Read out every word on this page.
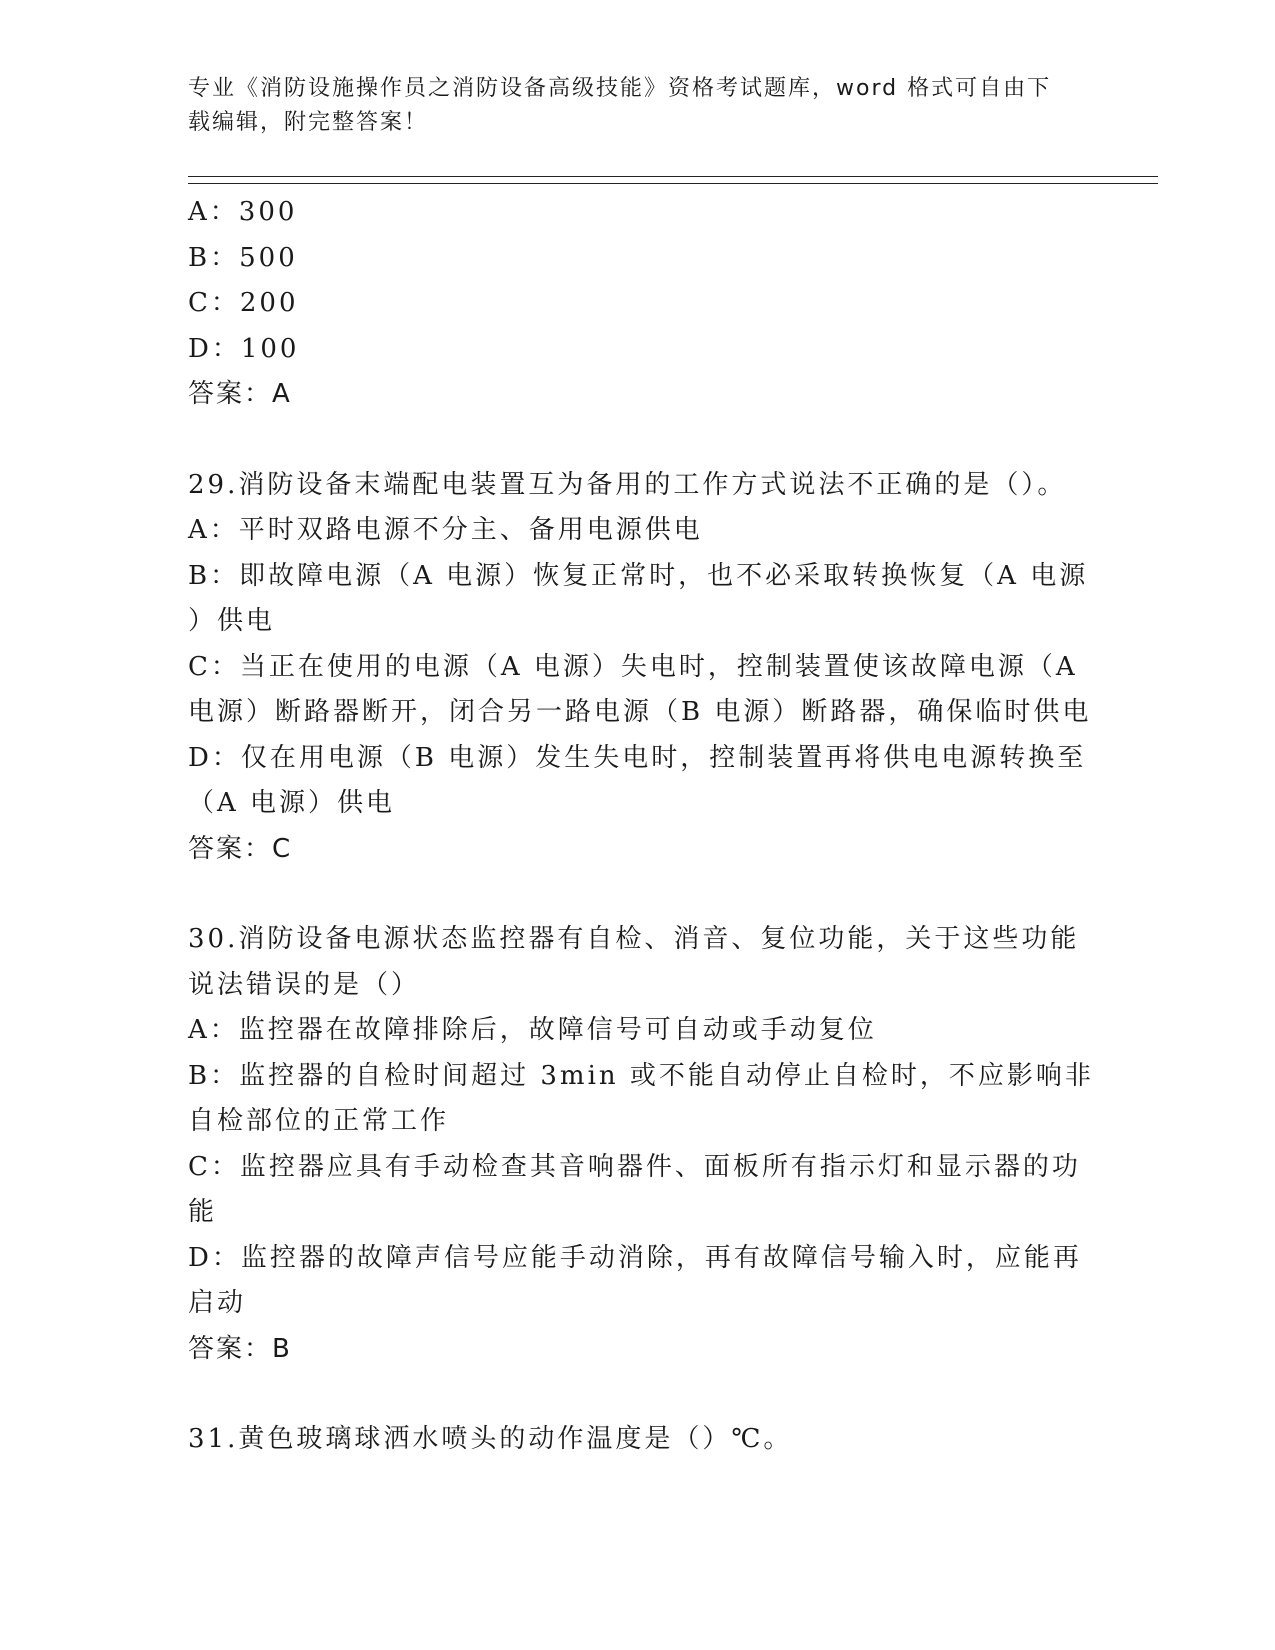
专业《消防设施操作员之消防设备高级技能》资格考试题库，word 格式可自由下
载编辑，附完整答案！

A：300

B：500

C：200

D：100

答案：A

29.消防设备末端配电装置互为备用的工作方式说法不正确的是（）。

A：平时双路电源不分主、备用电源供电

B：即故障电源（A 电源）恢复正常时，也不必采取转换恢复（A 电源

）供电

C：当正在使用的电源（A 电源）失电时，控制装置使该故障电源（A

电源）断路器断开，闭合另一路电源（B 电源）断路器，确保临时供电

D：仅在用电源（B 电源）发生失电时，控制装置再将供电电源转换至

（A 电源）供电

答案：C

30.消防设备电源状态监控器有自检、消音、复位功能，关于这些功能

说法错误的是（）

A：监控器在故障排除后，故障信号可自动或手动复位

B：监控器的自检时间超过 3min 或不能自动停止自检时，不应影响非

自检部位的正常工作

C：监控器应具有手动检查其音响器件、面板所有指示灯和显示器的功

能

D：监控器的故障声信号应能手动消除，再有故障信号输入时，应能再

启动

答案：B

31.黄色玻璃球洒水喷头的动作温度是（）℃。
